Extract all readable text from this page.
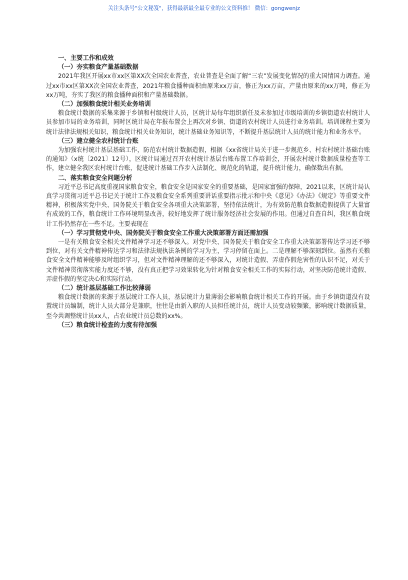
关注头条号"公文秘笈"，获得最新最全最专业的公文资料推！ 微信：gongwenjz

一、主要工作和成效

（一）夯实粮食产量基础数据

2021年我区开展xx市xx区第XX次全国农业普查，农业普查是全面了解“三农”发展变化情况的重大国情国力调查。通过xx市xx区第XX次全国农业普查，2021年粮食播种面积由原来xx万亩，修正为xx万亩，产量由原来的xx万吨，修正为xx万吨，夯实了我区的粮食播种面积和产量基础数据。

（二）加强粮食统计相关业务培训

粮食统计数据的采集来源于乡镇和村级统计人员，区统计局每年组织新任及未参加过市级培训的乡镇街道农村统计人员参加市局的业务培训，同时区统计局在年报布置会上再次对乡镇、街道的农村统计人员进行业务培训。培训课程主要为统计法律法规相关知识，粮食统计相关业务知识，统计基础业务知识等，不断提升基层统计人员的统计能力和业务水平。

（三）建立健全农村统计台账

为加强农村统计基层基础工作，防范农村统计数据造假，根据《xx省统计局关于进一步规范乡、村农村统计基础台账的通知》（x统〔2021〕12号），区统计局通过召开农村统计基层台账布置工作培训会，开展农村统计数据质量检查等工作，建立健全我区农村统计台账，促进统计基础工作步入法制化、规范化的轨道，提升统计能力，确保数出有据。

二、落实粮食安全问题分析

习近平总书记高度重视国家粮食安全，粮食安全是国家安全的重要基础，是国家富强的保障，2021以来，区统计局认真学习贯彻习近平总书记关于统计工作及粮食安全系列重要讲话重要指示批示和中央《意见》《办法》《规定》等重要文件精神，积极落实党中央、国务院关于粮食安全各项重大决策部署，坚持依法统计，为有效防范粮食数据造假提供了大量富有成效的工作，粮食统计工作环境明显改善，较好地发挥了统计服务经济社会发展的作用。但通过自查自纠，我区粮食统计工作仍然存在一些不足。主要表现在

（一）学习贯彻党中央、国务院关于粮食安全工作重大决策部署方面还需加强

一是有关粮食安全相关文件精神学习还不够深入。对党中央、国务院关于粮食安全工作重大决策部署传达学习还不够到位，对有关文件精神传达学习和法律法规执法条例的学习为主，学习停留在面上。二是理解不够深刻到位。虽然有关粮食安全文件精神能够及时组织学习，但对文件精神理解的还不够深入，对统计造假、弄虚作假危害性的认识不足，对关于文件精神贯彻落实能力度还不够，没有真正把学习效果转化为针对粮食安全相关工作的实际行动，对坚决防范统计造假、弄虚作假的坚定决心和实际行动。

（二）统计基层基础工作比较薄弱

粮食统计数据的来源于基层统计工作人员，基层统计力量薄弱会影响粮食统计相关工作的开展。由于乡镇街道没有设置统计员编制，统计人员大部分是兼职，往往是由新入职的人员担任统计员，统计人员变动较频繁，影响统计数据质量，至今共调整统计员xx人，占农业统计员总数的xx%。

（三）粮食统计检查的力度有待加强
